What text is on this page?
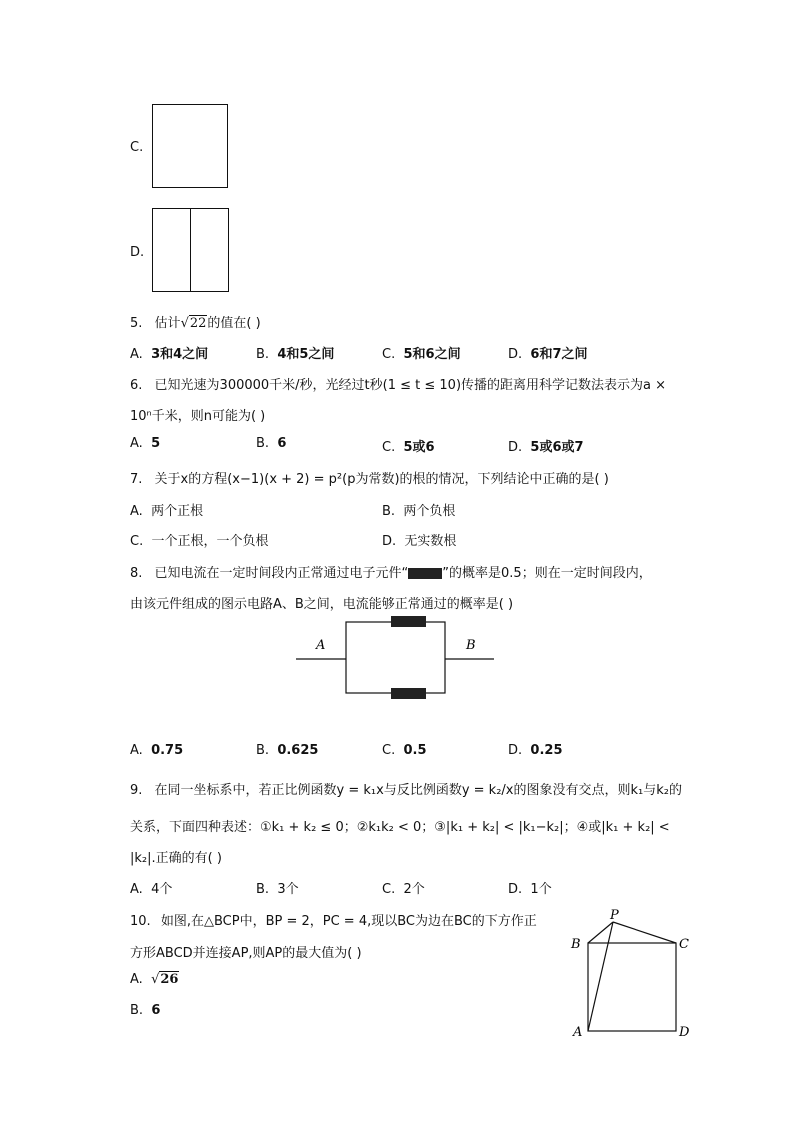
C.
D.
5. 估计√22的值在( )
A. 3和4之间	B. 4和5之间	C. 5和6之间	D. 6和7之间
6. 已知光速为300000千米/秒，光经过t秒(1 ≤ t ≤ 10)传播的距离用科学记数法表示为a ×
10ⁿ千米，则n可能为( )
A. 5	B. 6	C. 5或6	D. 5或6或7
7. 关于x的方程(x−1)(x + 2) = p²(p为常数)的根的情况，下列结论中正确的是( )
A. 两个正根	B. 两个负根
C. 一个正根，一个负根	D. 无实数根
8. 已知电流在一定时间段内正常通过电子元件“	”的概率是0.5；则在一定时间段内，
由该元件组成的图示电路A、B之间，电流能够正常通过的概率是( )
A	B
A. 0.75	B. 0.625	C. 0.5	D. 0.25
9. 在同一坐标系中，若正比例函数y = k₁x与反比例函数y = k₂/x的图象没有交点，则k₁与k₂的
关系，下面四种表述：①k₁ + k₂ ≤ 0；②k₁k₂ < 0；③|k₁ + k₂| < |k₁−k₂|；④或|k₁ + k₂| <
|k₂|.正确的有( )
A. 4个	B. 3个	C. 2个	D. 1个
10. 如图,在△BCP中，BP = 2，PC = 4,现以BC为边在BC的下方作正
方形ABCD并连接AP,则AP的最大值为( )
A. √26
B. 6
P
B	C
A	D
